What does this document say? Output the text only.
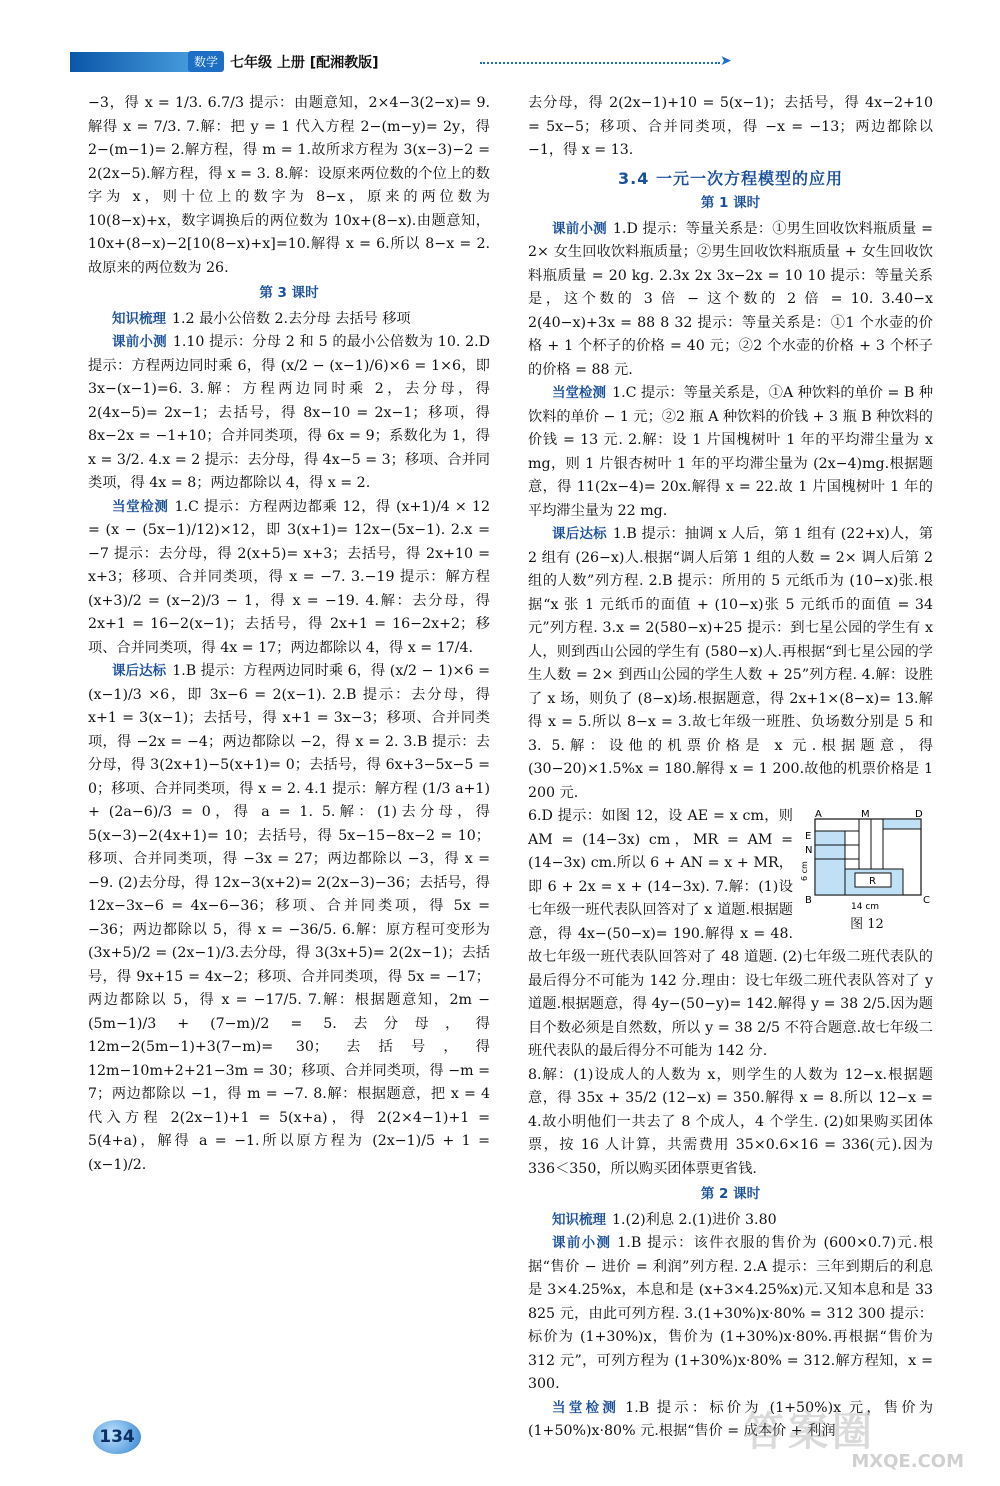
数学 七年级 上册 [配湘教版]	➤

−3，得 x = 1/3. 6.7/3 提示：由题意知，2×4−3(2−x)= 9.解得 x = 7/3. 7.解：把 y = 1 代入方程 2−(m−y)= 2y，得 2−(m−1)= 2.解方程，得 m = 1.故所求方程为 3(x−3)−2 = 2(2x−5).解方程，得 x = 3. 8.解：设原来两位数的个位上的数字为 x，则十位上的数字为 8−x，原来的两位数为 10(8−x)+x，数字调换后的两位数为 10x+(8−x).由题意知，10x+(8−x)−2[10(8−x)+x]=10.解得 x = 6.所以 8−x = 2.故原来的两位数为 26.

第 3 课时

知识梳理 1.2 最小公倍数 2.去分母 去括号 移项

课前小测 1.10 提示：分母 2 和 5 的最小公倍数为 10. 2.D 提示：方程两边同时乘 6，得 (x/2 − (x−1)/6)×6 = 1×6，即 3x−(x−1)=6. 3.解：方程两边同时乘 2，去分母，得 2(4x−5)= 2x−1；去括号，得 8x−10 = 2x−1；移项，得 8x−2x = −1+10；合并同类项，得 6x = 9；系数化为 1，得 x = 3/2. 4.x = 2 提示：去分母，得 4x−5 = 3；移项、合并同类项，得 4x = 8；两边都除以 4，得 x = 2.

当堂检测 1.C 提示：方程两边都乘 12，得 (x+1)/4 × 12 = (x − (5x−1)/12)×12，即 3(x+1)= 12x−(5x−1). 2.x = −7 提示：去分母，得 2(x+5)= x+3；去括号，得 2x+10 = x+3；移项、合并同类项，得 x = −7. 3.−19 提示：解方程 (x+3)/2 = (x−2)/3 − 1，得 x = −19. 4.解：去分母，得 2x+1 = 16−2(x−1)；去括号，得 2x+1 = 16−2x+2；移项、合并同类项，得 4x = 17；两边都除以 4，得 x = 17/4.

课后达标 1.B 提示：方程两边同时乘 6，得 (x/2 − 1)×6 = (x−1)/3 ×6，即 3x−6 = 2(x−1). 2.B 提示：去分母，得 x+1 = 3(x−1)；去括号，得 x+1 = 3x−3；移项、合并同类项，得 −2x = −4；两边都除以 −2，得 x = 2. 3.B 提示：去分母，得 3(2x+1)−5(x+1)= 0；去括号，得 6x+3−5x−5 = 0；移项、合并同类项，得 x = 2. 4.1 提示：解方程 (1/3 a+1) + (2a−6)/3 = 0，得 a = 1. 5.解：(1)去分母，得 5(x−3)−2(4x+1)= 10；去括号，得 5x−15−8x−2 = 10；移项、合并同类项，得 −3x = 27；两边都除以 −3，得 x = −9. (2)去分母，得 12x−3(x+2)= 2(2x−3)−36；去括号，得 12x−3x−6 = 4x−6−36；移项、合并同类项，得 5x = −36；两边都除以 5，得 x = −36/5. 6.解：原方程可变形为 (3x+5)/2 = (2x−1)/3.去分母，得 3(3x+5)= 2(2x−1)；去括号，得 9x+15 = 4x−2；移项、合并同类项，得 5x = −17；两边都除以 5，得 x = −17/5. 7.解：根据题意知，2m − (5m−1)/3 + (7−m)/2 = 5.去分母，得 12m−2(5m−1)+3(7−m)= 30；去括号，得 12m−10m+2+21−3m = 30；移项、合并同类项，得 −m = 7；两边都除以 −1，得 m = −7. 8.解：根据题意，把 x = 4 代入方程 2(2x−1)+1 = 5(x+a)，得 2(2×4−1)+1 = 5(4+a)，解得 a = −1.所以原方程为 (2x−1)/5 + 1 = (x−1)/2.

去分母，得 2(2x−1)+10 = 5(x−1)；去括号，得 4x−2+10 = 5x−5；移项、合并同类项，得 −x = −13；两边都除以 −1，得 x = 13.

3.4 一元一次方程模型的应用
第 1 课时

课前小测 1.D 提示：等量关系是：①男生回收饮料瓶质量 = 2× 女生回收饮料瓶质量；②男生回收饮料瓶质量 + 女生回收饮料瓶质量 = 20 kg. 2.3x 2x 3x−2x = 10 10 提示：等量关系是，这个数的 3 倍 − 这个数的 2 倍 = 10. 3.40−x 2(40−x)+3x = 88 8 32 提示：等量关系是：①1 个水壶的价格 + 1 个杯子的价格 = 40 元；②2 个水壶的价格 + 3 个杯子的价格 = 88 元.

当堂检测 1.C 提示：等量关系是，①A 种饮料的单价 = B 种饮料的单价 − 1 元；②2 瓶 A 种饮料的价钱 + 3 瓶 B 种饮料的价钱 = 13 元. 2.解：设 1 片国槐树叶 1 年的平均滞尘量为 x mg，则 1 片银杏树叶 1 年的平均滞尘量为 (2x−4)mg.根据题意，得 11(2x−4)= 20x.解得 x = 22.故 1 片国槐树叶 1 年的平均滞尘量为 22 mg.

课后达标 1.B 提示：抽调 x 人后，第 1 组有 (22+x)人，第 2 组有 (26−x)人.根据“调人后第 1 组的人数 = 2× 调人后第 2 组的人数”列方程. 2.B 提示：所用的 5 元纸币为 (10−x)张.根据“x 张 1 元纸币的面值 + (10−x)张 5 元纸币的面值 = 34 元”列方程. 3.x = 2(580−x)+25 提示：到七星公园的学生有 x 人，则到西山公园的学生有 (580−x)人.再根据“到七星公园的学生人数 = 2× 到西山公园的学生人数 + 25”列方程. 4.解：设胜了 x 场，则负了 (8−x)场.根据题意，得 2x+1×(8−x)= 13.解得 x = 5.所以 8−x = 3.故七年级一班胜、负场数分别是 5 和 3. 5.解：设他的机票价格是 x 元.根据题意，得 (30−20)×1.5%x = 180.解得 x = 1 200.故他的机票价格是 1 200 元.

A	M	D
E
N
R
B	C
6 cm
14 cm
图 12

6.D 提示：如图 12，设 AE = x cm，则 AM = (14−3x) cm，MR = AM = (14−3x) cm.所以 6 + AN = x + MR，即 6 + 2x = x + (14−3x). 7.解：(1)设七年级一班代表队回答对了 x 道题.根据题意，得 4x−(50−x)= 190.解得 x = 48.故七年级一班代表队回答对了 48 道题. (2)七年级二班代表队的最后得分不可能为 142 分.理由：设七年级二班代表队答对了 y 道题.根据题意，得 4y−(50−y)= 142.解得 y = 38 2/5.因为题目个数必须是自然数，所以 y = 38 2/5 不符合题意.故七年级二班代表队的最后得分不可能为 142 分.

8.解：(1)设成人的人数为 x，则学生的人数为 12−x.根据题意，得 35x + 35/2 (12−x) = 350.解得 x = 8.所以 12−x = 4.故小明他们一共去了 8 个成人，4 个学生. (2)如果购买团体票，按 16 人计算，共需费用 35×0.6×16 = 336(元).因为 336＜350，所以购买团体票更省钱.

第 2 课时

知识梳理 1.(2)利息 2.(1)进价 3.80

课前小测 1.B 提示：该件衣服的售价为 (600×0.7)元.根据“售价 − 进价 = 利润”列方程. 2.A 提示：三年到期后的利息是 3×4.25%x，本息和是 (x+3×4.25%x)元.又知本息和是 33 825 元，由此可列方程. 3.(1+30%)x·80% = 312 300 提示：标价为 (1+30%)x，售价为 (1+30%)x·80%.再根据“售价为 312 元”，可列方程为 (1+30%)x·80% = 312.解方程知，x = 300.

当堂检测 1.B 提示：标价为 (1+50%)x 元，售价为 (1+50%)x·80% 元.根据“售价 = 成本价 + 利润

134	答案圈
MXQE.COM
